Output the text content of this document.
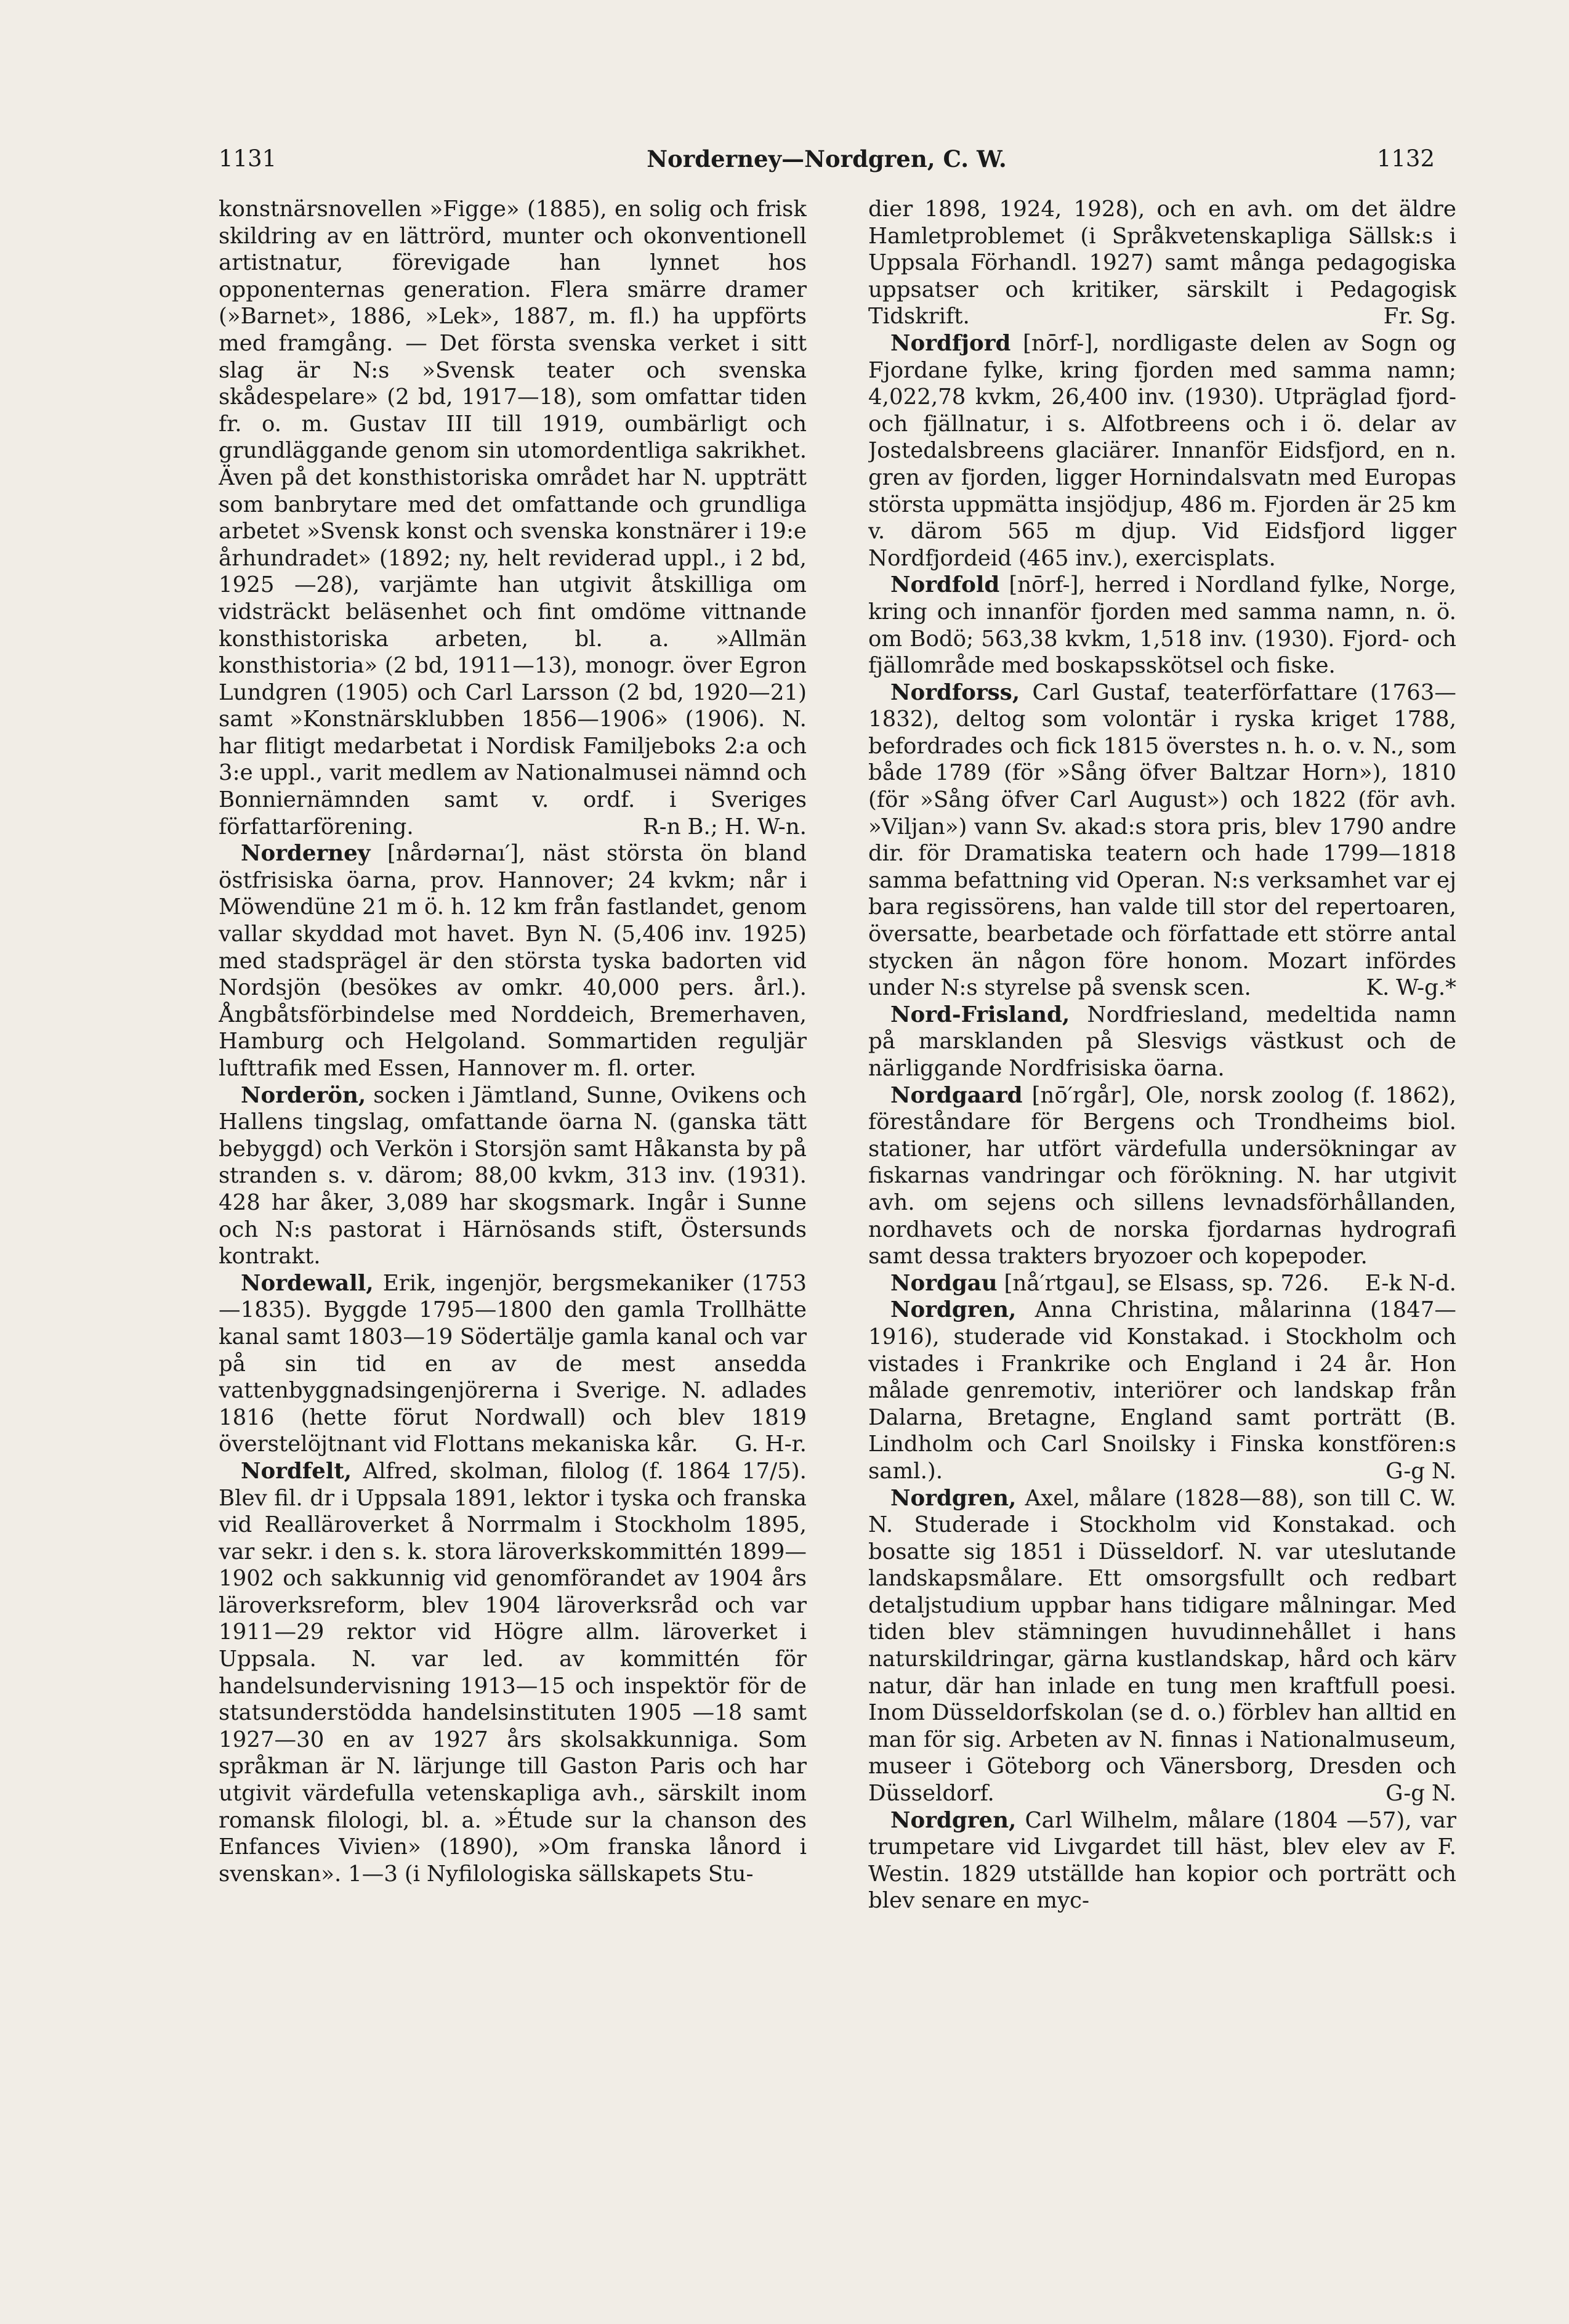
1131	Norderney—Nordgren, C. W.	1132

konstnärsnovellen »Figge» (1885), en solig och frisk skildring av en lättrörd, munter och okonventionell artistnatur, förevigade han lynnet hos opponenternas generation. Flera smärre dramer (»Barnet», 1886, »Lek», 1887, m. fl.) ha uppförts med framgång. — Det första svenska verket i sitt slag är N:s »Svensk teater och svenska skådespelare» (2 bd, 1917—18), som omfattar tiden fr. o. m. Gustav III till 1919, oumbärligt och grundläggande genom sin utomordentliga sakrikhet. Även på det konsthistoriska området har N. uppträtt som banbrytare med det omfattande och grundliga arbetet »Svensk konst och svenska konstnärer i 19:e århundradet» (1892; ny, helt reviderad uppl., i 2 bd, 1925 —28), varjämte han utgivit åtskilliga om vidsträckt beläsenhet och fint omdöme vittnande konsthistoriska arbeten, bl. a. »Allmän konsthistoria» (2 bd, 1911—13), monogr. över Egron Lundgren (1905) och Carl Larsson (2 bd, 1920—21) samt »Konstnärsklubben 1856—1906» (1906). N. har flitigt medarbetat i Nordisk Familjeboks 2:a och 3:e uppl., varit medlem av Nationalmusei nämnd och Bonniernämnden samt v. ordf. i Sveriges författarförening.	R-n B.; H. W-n.

Norderney [nårdərnaı′], näst största ön bland östfrisiska öarna, prov. Hannover; 24 kvkm; når i Möwendüne 21 m ö. h. 12 km från fastlandet, genom vallar skyddad mot havet. Byn N. (5,406 inv. 1925) med stadsprägel är den största tyska badorten vid Nordsjön (besökes av omkr. 40,000 pers. årl.). Ångbåtsförbindelse med Norddeich, Bremerhaven, Hamburg och Helgoland. Sommartiden reguljär lufttrafik med Essen, Hannover m. fl. orter.

Norderön, socken i Jämtland, Sunne, Ovikens och Hallens tingslag, omfattande öarna N. (ganska tätt bebyggd) och Verkön i Storsjön samt Håkansta by på stranden s. v. därom; 88,00 kvkm, 313 inv. (1931). 428 har åker, 3,089 har skogsmark. Ingår i Sunne och N:s pastorat i Härnösands stift, Östersunds kontrakt.

Nordewall, Erik, ingenjör, bergsmekaniker (1753—1835). Byggde 1795—1800 den gamla Trollhätte kanal samt 1803—19 Södertälje gamla kanal och var på sin tid en av de mest ansedda vattenbyggnadsingenjörerna i Sverige. N. adlades 1816 (hette förut Nordwall) och blev 1819 överstelöjtnant vid Flottans mekaniska kår.	G. H-r.

Nordfelt, Alfred, skolman, filolog (f. 1864 17/5). Blev fil. dr i Uppsala 1891, lektor i tyska och franska vid Realläroverket å Norrmalm i Stockholm 1895, var sekr. i den s. k. stora läroverkskommittén 1899—1902 och sakkunnig vid genomförandet av 1904 års läroverksreform, blev 1904 läroverksråd och var 1911—29 rektor vid Högre allm. läroverket i Uppsala. N. var led. av kommittén för handelsundervisning 1913—15 och inspektör för de statsunderstödda handelsinstituten 1905 —18 samt 1927—30 en av 1927 års skolsakkunniga. Som språkman är N. lärjunge till Gaston Paris och har utgivit värdefulla vetenskapliga avh., särskilt inom romansk filologi, bl. a. »Étude sur la chanson des Enfances Vivien» (1890), »Om franska lånord i svenskan». 1—3 (i Nyfilologiska sällskapets Stu-

dier 1898, 1924, 1928), och en avh. om det äldre Hamletproblemet (i Språkvetenskapliga Sällsk:s i Uppsala Förhandl. 1927) samt många pedagogiska uppsatser och kritiker, särskilt i Pedagogisk Tidskrift.	Fr. Sg.

Nordfjord [nōrf-], nordligaste delen av Sogn og Fjordane fylke, kring fjorden med samma namn; 4,022,78 kvkm, 26,400 inv. (1930). Utpräglad fjord- och fjällnatur, i s. Alfotbreens och i ö. delar av Jostedalsbreens glaciärer. Innanför Eidsfjord, en n. gren av fjorden, ligger Hornindalsvatn med Europas största uppmätta insjödjup, 486 m. Fjorden är 25 km v. därom 565 m djup. Vid Eidsfjord ligger Nordfjordeid (465 inv.), exercisplats.

Nordfold [nōrf-], herred i Nordland fylke, Norge, kring och innanför fjorden med samma namn, n. ö. om Bodö; 563,38 kvkm, 1,518 inv. (1930). Fjord- och fjällområde med boskapsskötsel och fiske.

Nordforss, Carl Gustaf, teaterförfattare (1763—1832), deltog som volontär i ryska kriget 1788, befordrades och fick 1815 överstes n. h. o. v. N., som både 1789 (för »Sång öfver Baltzar Horn»), 1810 (för »Sång öfver Carl August») och 1822 (för avh. »Viljan») vann Sv. akad:s stora pris, blev 1790 andre dir. för Dramatiska teatern och hade 1799—1818 samma befattning vid Operan. N:s verksamhet var ej bara regissörens, han valde till stor del repertoaren, översatte, bearbetade och författade ett större antal stycken än någon före honom. Mozart infördes under N:s styrelse på svensk scen.	K. W-g.*

Nord-Frisland, Nordfriesland, medeltida namn på marsklanden på Slesvigs västkust och de närliggande Nordfrisiska öarna.

Nordgaard [nō′rgår], Ole, norsk zoolog (f. 1862), föreståndare för Bergens och Trondheims biol. stationer, har utfört värdefulla undersökningar av fiskarnas vandringar och förökning. N. har utgivit avh. om sejens och sillens levnadsförhållanden, nordhavets och de norska fjordarnas hydrografi samt dessa trakters bryozoer och kopepoder.
E-k N-d.

Nordgau [nå′rtgau], se Elsass, sp. 726.

Nordgren, Anna Christina, målarinna (1847—1916), studerade vid Konstakad. i Stockholm och vistades i Frankrike och England i 24 år. Hon målade genremotiv, interiörer och landskap från Dalarna, Bretagne, England samt porträtt (B. Lindholm och Carl Snoilsky i Finska konstfören:s saml.).	G-g N.

Nordgren, Axel, målare (1828—88), son till C. W. N. Studerade i Stockholm vid Konstakad. och bosatte sig 1851 i Düsseldorf. N. var uteslutande landskapsmålare. Ett omsorgsfullt och redbart detaljstudium uppbar hans tidigare målningar. Med tiden blev stämningen huvudinnehållet i hans naturskildringar, gärna kustlandskap, hård och kärv natur, där han inlade en tung men kraftfull poesi. Inom Düsseldorfskolan (se d. o.) förblev han alltid en man för sig. Arbeten av N. finnas i Nationalmuseum, museer i Göteborg och Vänersborg, Dresden och Düsseldorf.	G-g N.

Nordgren, Carl Wilhelm, målare (1804 —57), var trumpetare vid Livgardet till häst, blev elev av F. Westin. 1829 utställde han kopior och porträtt och blev senare en myc-
